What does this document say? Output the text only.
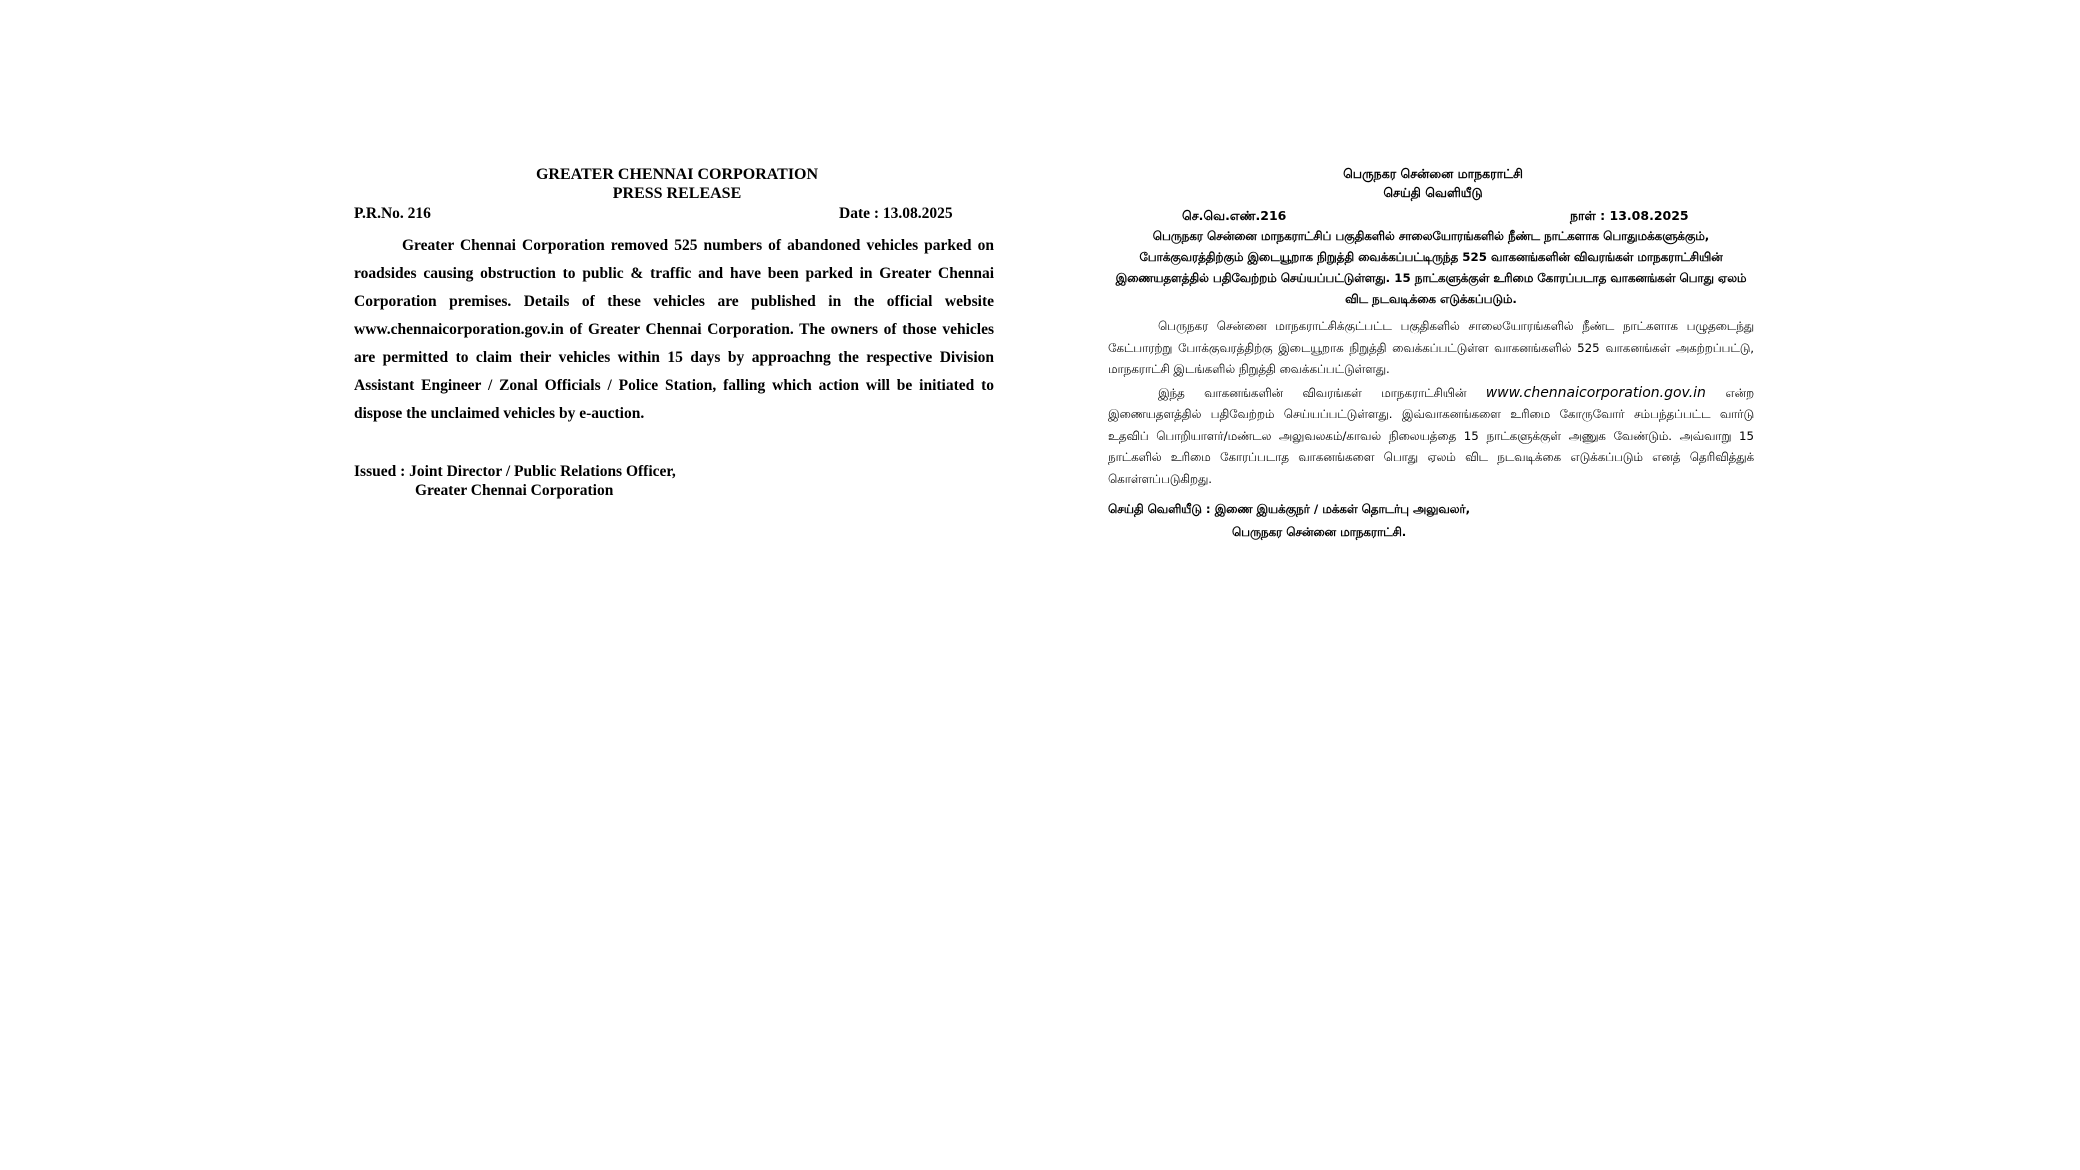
GREATER CHENNAI CORPORATION
PRESS RELEASE
P.R.No. 216	Date : 13.08.2025
Greater Chennai Corporation removed 525 numbers of abandoned vehicles parked on roadsides causing obstruction to public & traffic and have been parked in Greater Chennai Corporation premises. Details of these vehicles are published in the official website www.chennaicorporation.gov.in of Greater Chennai Corporation. The owners of those vehicles are permitted to claim their vehicles within 15 days by approachng the respective Division Assistant Engineer / Zonal Officials / Police Station, falling which action will be initiated to dispose the unclaimed vehicles by e-auction.
Issued : Joint Director / Public Relations Officer,
Greater Chennai Corporation
பெருநகர சென்னை மாநகராட்சி
செய்தி வெளியீடு
செ.வெ.எண்.216	நாள் : 13.08.2025
பெருநகர சென்னை மாநகராட்சிப் பகுதிகளில் சாலையோரங்களில் நீண்ட நாட்களாக பொதுமக்களுக்கும், போக்குவரத்திற்கும் இடையூறாக நிறுத்தி வைக்கப்பட்டிருந்த 525 வாகனங்களின் விவரங்கள் மாநகராட்சியின் இணையதளத்தில் பதிவேற்றம் செய்யப்பட்டுள்ளது. 15 நாட்களுக்குள் உரிமை கோரப்படாத வாகனங்கள் பொது ஏலம் விட நடவடிக்கை எடுக்கப்படும்.
பெருநகர சென்னை மாநகராட்சிக்குட்பட்ட பகுதிகளில் சாலையோரங்களில் நீண்ட நாட்களாக பழுதடைந்து கேட்பாரற்று போக்குவரத்திற்கு இடையூறாக நிறுத்தி வைக்கப்பட்டுள்ள வாகனங்களில் 525 வாகனங்கள் அகற்றப்பட்டு, மாநகராட்சி இடங்களில் நிறுத்தி வைக்கப்பட்டுள்ளது.
இந்த வாகனங்களின் விவரங்கள் மாநகராட்சியின் www.chennaicorporation.gov.in என்ற இணையதளத்தில் பதிவேற்றம் செய்யப்பட்டுள்ளது. இவ்வாகனங்களை உரிமை கோருவோர் சம்பந்தப்பட்ட வார்டு உதவிப் பொறியாளர்/மண்டல அலுவலகம்/காவல் நிலையத்தை 15 நாட்களுக்குள் அணுக வேண்டும். அவ்வாறு 15 நாட்களில் உரிமை கோரப்படாத வாகனங்களை பொது ஏலம் விட நடவடிக்கை எடுக்கப்படும் எனத் தெரிவித்துக் கொள்ளப்படுகிறது.
செய்தி வெளியீடு : இணை இயக்குநர் / மக்கள் தொடர்பு அலுவலர்,
பெருநகர சென்னை மாநகராட்சி.
